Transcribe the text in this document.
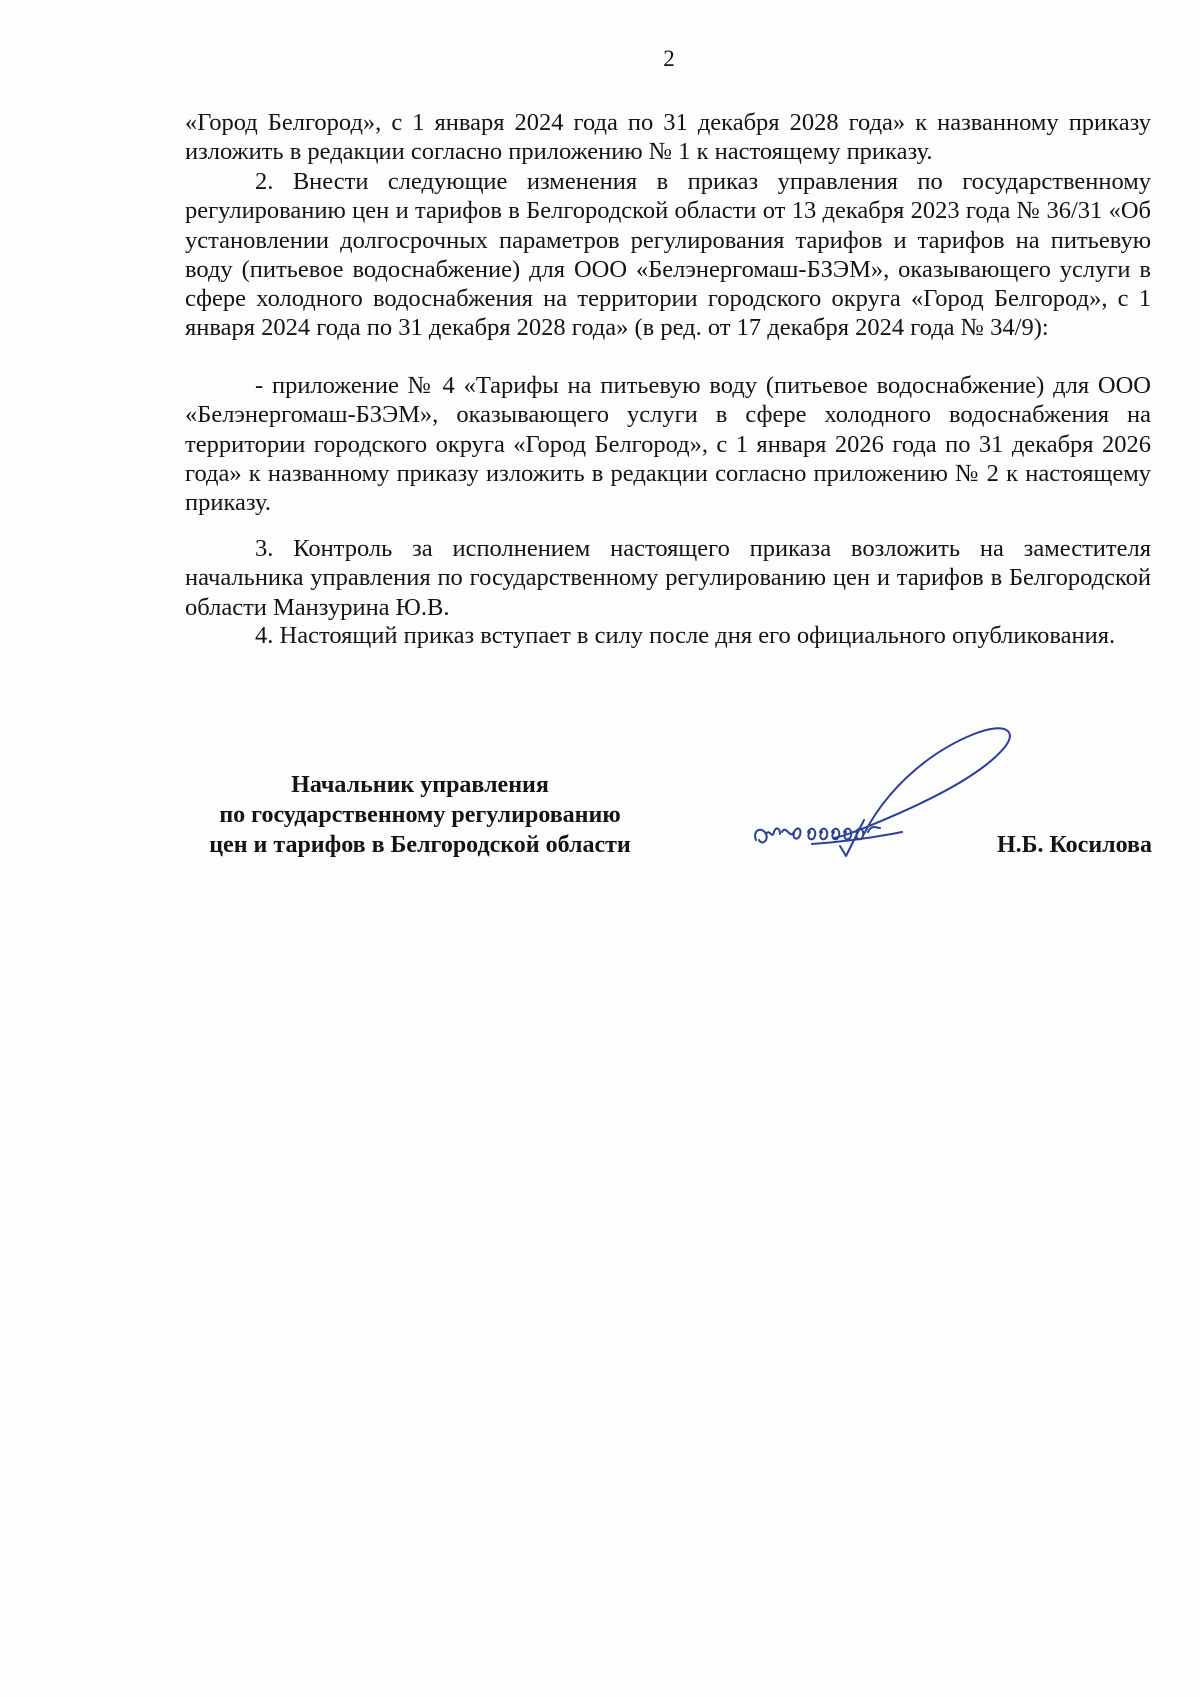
2

«Город Белгород», с 1 января 2024 года по 31 декабря 2028 года» к названному приказу изложить в редакции согласно приложению № 1 к настоящему приказу.

2. Внести следующие изменения в приказ управления по государственному регулированию цен и тарифов в Белгородской области от 13 декабря 2023 года № 36/31 «Об установлении долгосрочных параметров регулирования тарифов и тарифов на питьевую воду (питьевое водоснабжение) для ООО «Белэнергомаш-БЗЭМ», оказывающего услуги в сфере холодного водоснабжения на территории городского округа «Город Белгород», с 1 января 2024 года по 31 декабря 2028 года» (в ред. от 17 декабря 2024 года № 34/9):

- приложение № 4 «Тарифы на питьевую воду (питьевое водоснабжение) для ООО «Белэнергомаш-БЗЭМ», оказывающего услуги в сфере холодного водоснабжения на территории городского округа «Город Белгород», с 1 января 2026 года по 31 декабря 2026 года» к названному приказу изложить в редакции согласно приложению № 2 к настоящему приказу.

3. Контроль за исполнением настоящего приказа возложить на заместителя начальника управления по государственному регулированию цен и тарифов в Белгородской области Манзурина Ю.В.

4. Настоящий приказ вступает в силу после дня его официального опубликования.

Начальник управления
по государственному регулированию
цен и тарифов в Белгородской области	Н.Б. Косилова
